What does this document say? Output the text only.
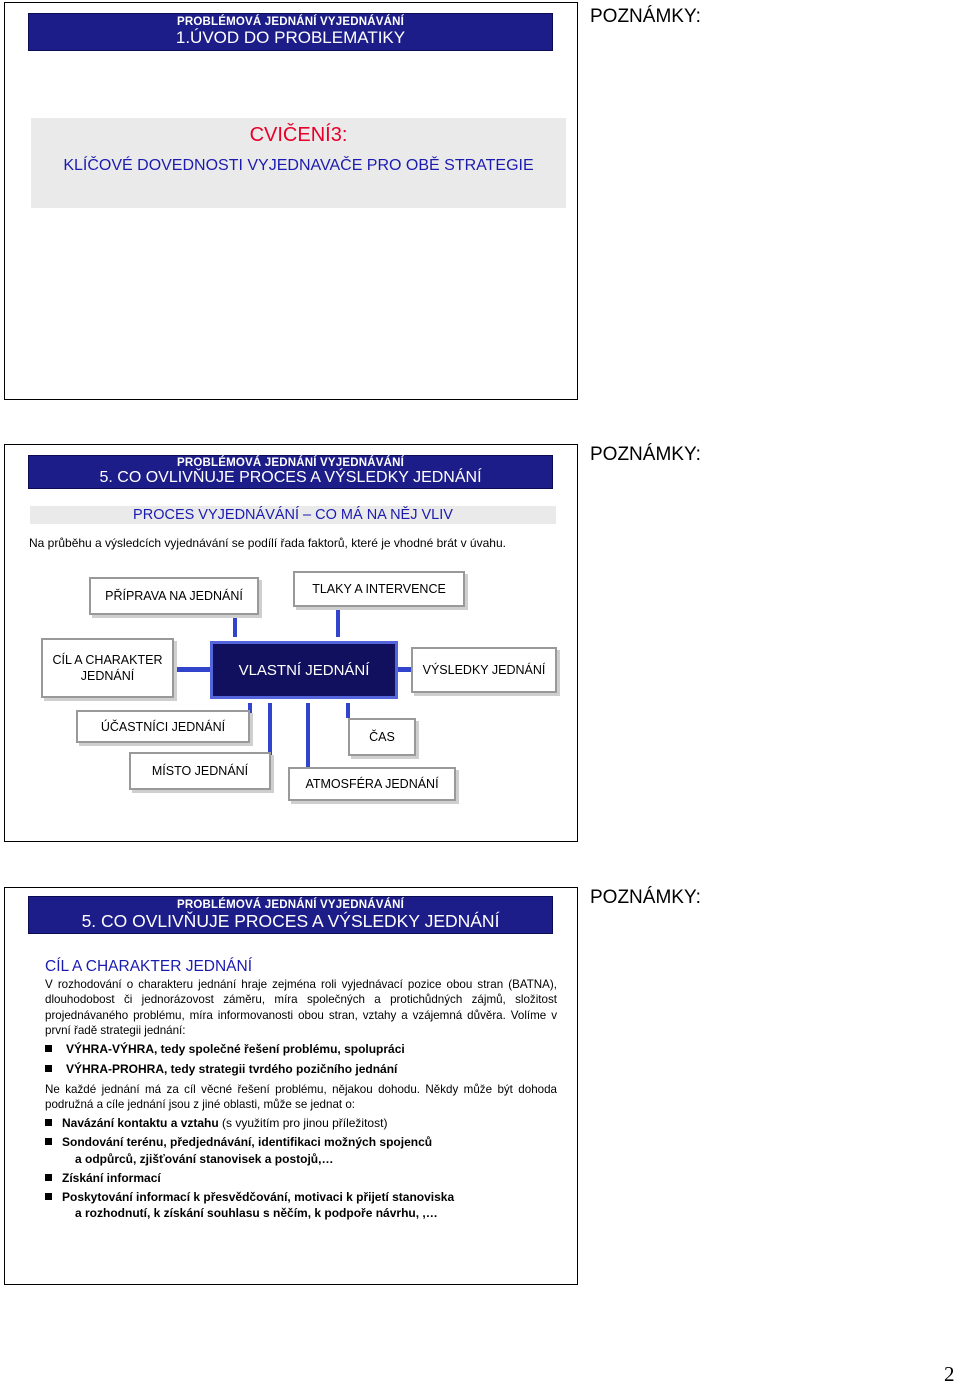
PROBLÉMOVÁ JEDNÁNÍ VYJEDNÁVÁNÍ
1.ÚVOD DO PROBLEMATIKY
CVIČENÍ3:
KLÍČOVÉ DOVEDNOSTI VYJEDNAVAČE PRO OBĚ STRATEGIE
POZNÁMKY:
PROBLÉMOVÁ JEDNÁNÍ VYJEDNÁVÁNÍ
5. CO OVLIVŇUJE PROCES A VÝSLEDKY JEDNÁNÍ
PROCES VYJEDNÁVÁNÍ – CO MÁ NA NĚJ VLIV
Na průběhu a výsledcích vyjednávání se podílí řada faktorů, které je vhodné brát v úvahu.
PŘÍPRAVA NA JEDNÁNÍ	TLAKY A INTERVENCE
CÍL A CHARAKTER JEDNÁNÍ	VLASTNÍ JEDNÁNÍ	VÝSLEDKY JEDNÁNÍ
ÚČASTNÍCI JEDNÁNÍ
ČAS
MÍSTO JEDNÁNÍ
ATMOSFÉRA JEDNÁNÍ
POZNÁMKY:
PROBLÉMOVÁ JEDNÁNÍ VYJEDNÁVÁNÍ
5. CO OVLIVŇUJE PROCES A VÝSLEDKY JEDNÁNÍ
CÍL A CHARAKTER JEDNÁNÍ
V rozhodování o charakteru jednání hraje zejména roli vyjednávací pozice obou stran (BATNA), dlouhodobost či jednorázovost záměru, míra společných a protichůdných zájmů, složitost projednávaného problému, míra informovanosti obou stran, vztahy a vzájemná důvěra. Volíme v první řadě strategii jednání:
VÝHRA-VÝHRA, tedy společné řešení problému, spolupráci
VÝHRA-PROHRA, tedy strategii tvrdého pozičního jednání
Ne každé jednání má za cíl věcné řešení problému, nějakou dohodu. Někdy může být dohoda podružná a cíle jednání jsou z jiné oblasti, může se jednat o:
Navázání kontaktu a vztahu (s využitím pro jinou příležitost)
Sondování terénu, předjednávání, identifikaci možných spojenců
a odpůrců, zjišťování stanovisek a postojů,…
Získání informací
Poskytování informací k přesvědčování, motivaci k přijetí stanoviska
a rozhodnutí, k získání souhlasu s něčím, k podpoře návrhu, ,…
POZNÁMKY:
2
